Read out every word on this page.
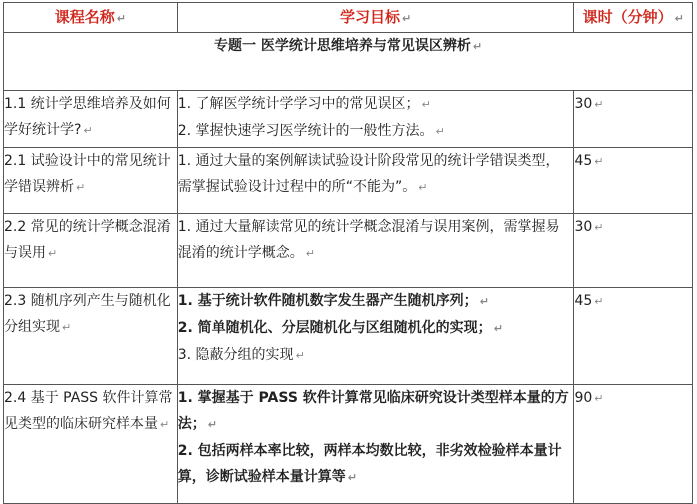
课程名称 ↵	学习目标 ↵	课时（分钟） ↵
专题一 医学统计思维培养与常见误区辨析 ↵		
1.1 统计学思维培养及如何学好统计学? ↵	1. 了解医学统计学学习中的常见误区； ↵
2. 掌握快速学习医学统计的一般性方法。 ↵	30 ↵
2.1 试验设计中的常见统计学错误辨析 ↵	1. 通过大量的案例解读试验设计阶段常见的统计学错误类型，需掌握试验设计过程中的所“不能为”。 ↵	45 ↵
2.2 常见的统计学概念混淆与误用 ↵	1. 通过大量解读常见的统计学概念混淆与误用案例，需掌握易混淆的统计学概念。 ↵	30 ↵
2.3 随机序列产生与随机化分组实现 ↵	1. 基于统计软件随机数字发生器产生随机序列； ↵
2. 简单随机化、分层随机化与区组随机化的实现； ↵
3. 隐蔽分组的实现 ↵	45 ↵
2.4 基于 PASS 软件计算常见类型的临床研究样本量 ↵	1. 掌握基于 PASS 软件计算常见临床研究设计类型样本量的方法； ↵
2. 包括两样本率比较，两样本均数比较，非劣效检验样本量计算，诊断试验样本量计算等 ↵	90 ↵
